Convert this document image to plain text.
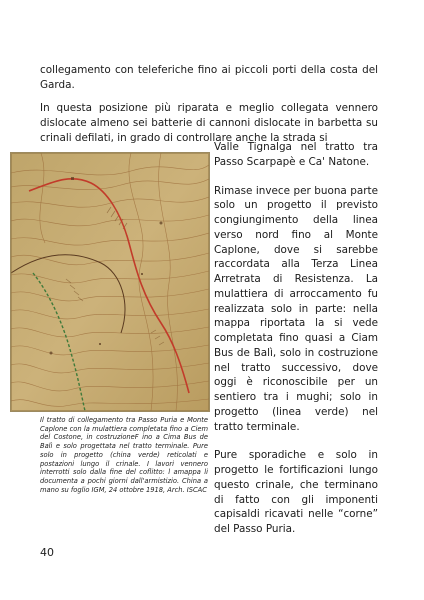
collegamento con teleferiche fino ai piccoli porti della costa del Garda.
In questa posizione più riparata e meglio collegata vennero dislocate almeno sei batterie di cannoni dislocate in barbetta su crinali defilati, in grado di controllare anche la strada si
Il tratto di collegamento tra Passo Puria e Monte Caplone con la mulattiera completata fino a Ciem del Costone, in costruzioneF ino a Cima Bus de Balì e solo progettata nel tratto terminale. Pure solo in progetto (china verde) reticolati e postazioni lungo il crinale. I lavori vennero interrotti solo dalla fine del coflitto: l amappa li documenta a pochi giorni dall'armistizio. China a mano su foglio IGM, 24 ottobre 1918, Arch. ISCAC

Valle Tignalga nel tratto tra Passo Scarpapè e Ca' Natone.

Rimase invece per buona parte solo un progetto il previsto congiungimento della linea verso nord fino al Monte Caplone, dove si sarebbe raccordata alla Terza Linea Arretrata di Resistenza. La mulattiera di arroccamento fu realizzata solo in parte: nella mappa riportata la si vede completata fino quasi a Ciam Bus de Balì, solo in costruzione nel tratto successivo, dove oggi è riconoscibile per un sentiero tra i mughi; solo in progetto (linea verde) nel tratto terminale.

Pure sporadiche e solo in progetto le fortificazioni lungo questo crinale, che terminano di fatto con gli imponenti capisaldi ricavati nelle “corne” del Passo Puria.

40
